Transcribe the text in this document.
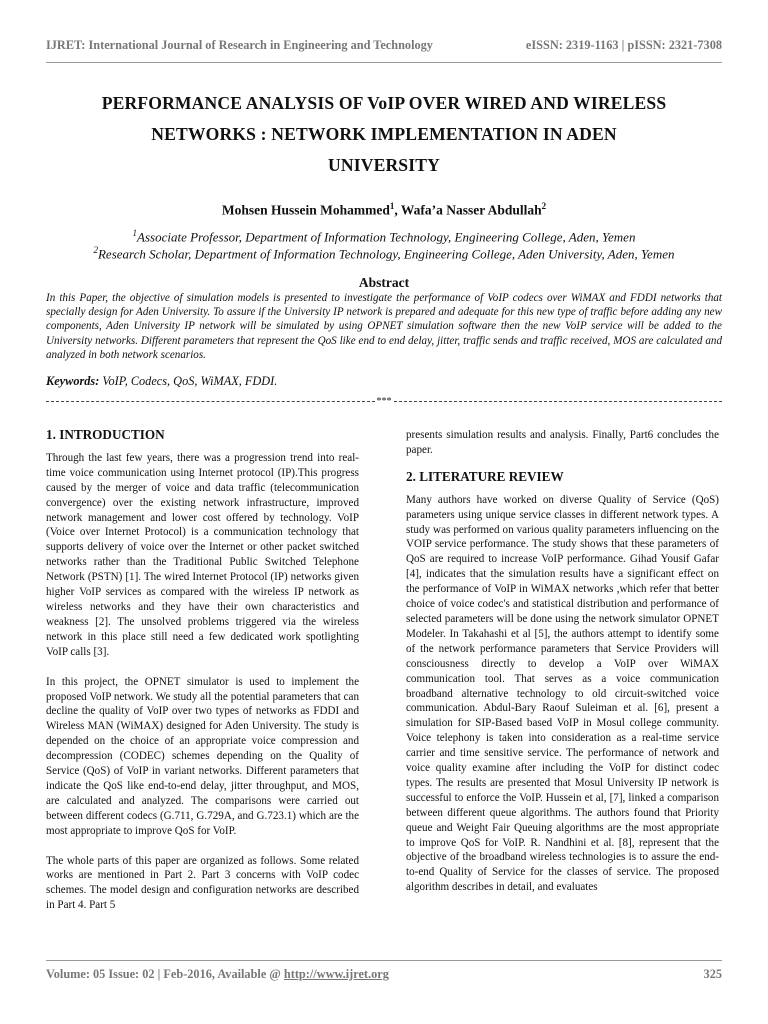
IJRET: International Journal of Research in Engineering and Technology	eISSN: 2319-1163 | pISSN: 2321-7308
PERFORMANCE ANALYSIS OF VoIP OVER WIRED AND WIRELESS
NETWORKS : NETWORK IMPLEMENTATION IN ADEN
UNIVERSITY
Mohsen Hussein Mohammed$^1$, Wafa’a Nasser Abdullah$^2$
$^1$Associate Professor, Department of Information Technology, Engineering College, Aden, Yemen
$^2$Research Scholar, Department of Information Technology, Engineering College, Aden University, Aden, Yemen
Abstract
In this Paper, the objective of simulation models is presented to investigate the performance of VoIP codecs over WiMAX and FDDI networks that specially design for Aden University. To assure if the University IP network is prepared and adequate for this new type of traffic before adding any new components, Aden University IP network will be simulated by using OPNET simulation software then the new VoIP service will be added to the University networks. Different parameters that represent the QoS like end to end delay, jitter, traffic sends and traffic received, MOS are calculated and analyzed in both network scenarios.
Keywords: VoIP, Codecs, QoS, WiMAX, FDDI.
***
1. INTRODUCTION

Through the last few years, there was a progression trend into real-time voice communication using Internet protocol (IP).This progress caused by the merger of voice and data traffic (telecommunication convergence) over the existing network infrastructure, improved network management and lower cost offered by technology. VoIP (Voice over Internet Protocol) is a communication technology that supports delivery of voice over the Internet or other packet switched networks rather than the Traditional Public Switched Telephone Network (PSTN) [1]. The wired Internet Protocol (IP) networks given higher VoIP services as compared with the wireless IP network as wireless networks and they have their own characteristics and weakness [2]. The unsolved problems triggered via the wireless network in this place still need a few dedicated work spotlighting VoIP calls [3].

In this project, the OPNET simulator is used to implement the proposed VoIP network. We study all the potential parameters that can decline the quality of VoIP over two types of networks as FDDI and Wireless MAN (WiMAX) designed for Aden University. The study is depended on the choice of an appropriate voice compression and decompression (CODEC) schemes depending on the Quality of Service (QoS) of VoIP in variant networks. Different parameters that indicate the QoS like end-to-end delay, jitter throughput, and MOS, are calculated and analyzed. The comparisons were carried out between different codecs (G.711, G.729A, and G.723.1) which are the most appropriate to improve QoS for VoIP.

The whole parts of this paper are organized as follows. Some related works are mentioned in Part 2. Part 3 concerns with VoIP codec schemes. The model design and configuration networks are described in Part 4. Part 5

presents simulation results and analysis. Finally, Part6 concludes the paper.

2. LITERATURE REVIEW

Many authors have worked on diverse Quality of Service (QoS) parameters using unique service classes in different network types. A study was performed on various quality parameters influencing on the VOIP service performance. The study shows that these parameters of QoS are required to increase VoIP performance. Gihad Yousif Gafar [4], indicates that the simulation results have a significant effect on the performance of VoIP in WiMAX networks ,which refer that better choice of voice codec's and statistical distribution and performance of selected parameters will be done using the network simulator OPNET Modeler. In Takahashi et al [5], the authors attempt to identify some of the network performance parameters that Service Providers will consciousness directly to develop a VoIP over WiMAX communication tool. That serves as a voice communication broadband alternative technology to old circuit-switched voice communication. Abdul-Bary Raouf Suleiman et al. [6], present a simulation for SIP-Based based VoIP in Mosul college community. Voice telephony is taken into consideration as a real-time service carrier and time sensitive service. The performance of network and voice quality examine after including the VoIP for distinct codec types. The results are presented that Mosul University IP network is successful to enforce the VoIP. Hussein et al, [7], linked a comparison between different queue algorithms. The authors found that Priority queue and Weight Fair Queuing algorithms are the most appropriate to improve QoS for VoIP. R. Nandhini et al. [8], represent that the objective of the broadband wireless technologies is to assure the end-to-end Quality of Service for the classes of service. The proposed algorithm describes in detail, and evaluates

Volume: 05 Issue: 02 | Feb-2016, Available @ http://www.ijret.org	325
